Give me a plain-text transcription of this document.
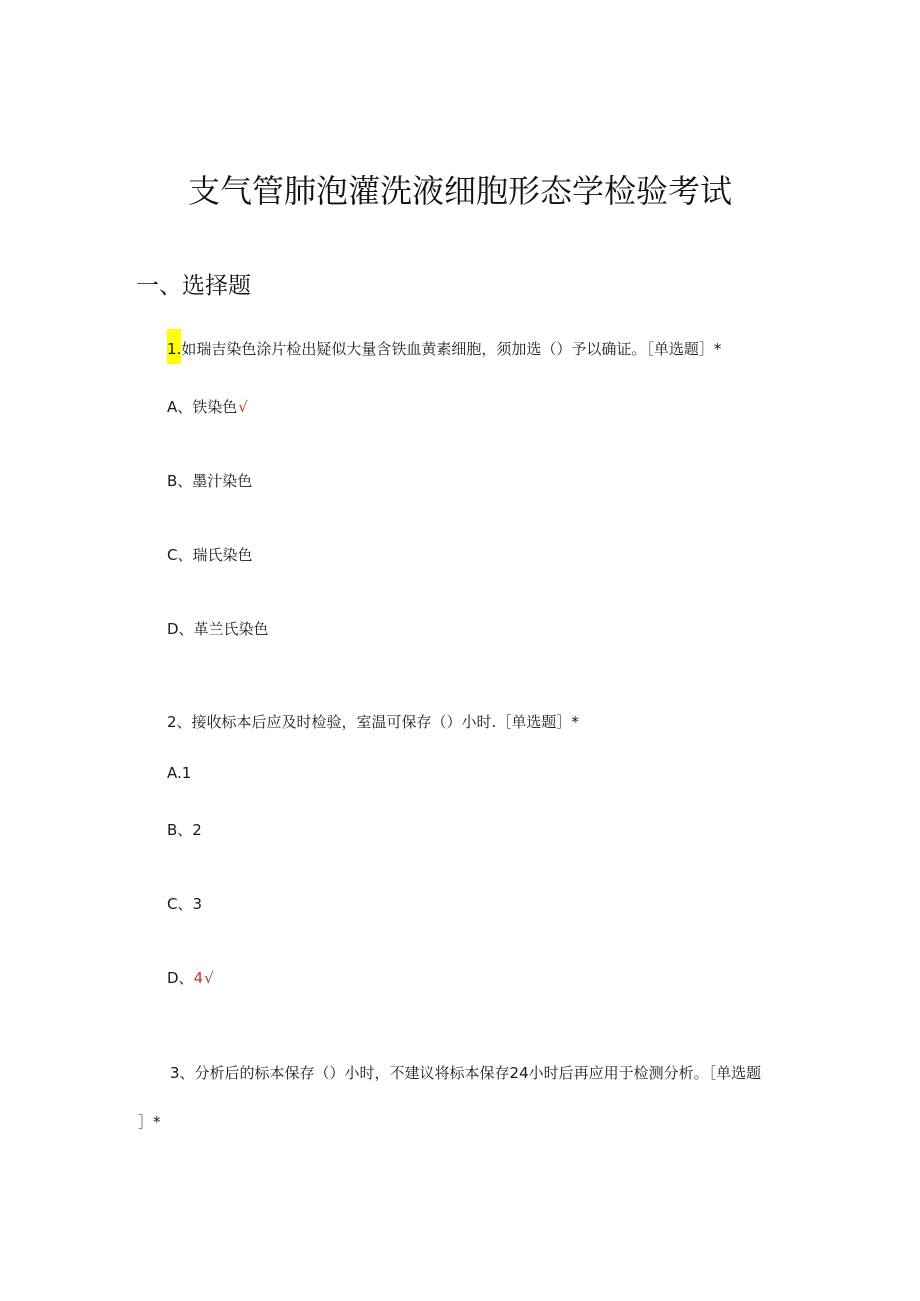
支气管肺泡灌洗液细胞形态学检验考试
一、选择题
1.如瑞吉染色涂片检出疑似大量含铁血黄素细胞，须加选（）予以确证。［单选题］*
A、铁染色√
B、墨汁染色
C、瑞氏染色
D、革兰氏染色
2、接收标本后应及时检验，室温可保存（）小时.［单选题］*
A.1
B、2
C、3
D、4√
3、分析后的标本保存（）小时，不建议将标本保存24小时后再应用于检测分析。［单选题
］*
